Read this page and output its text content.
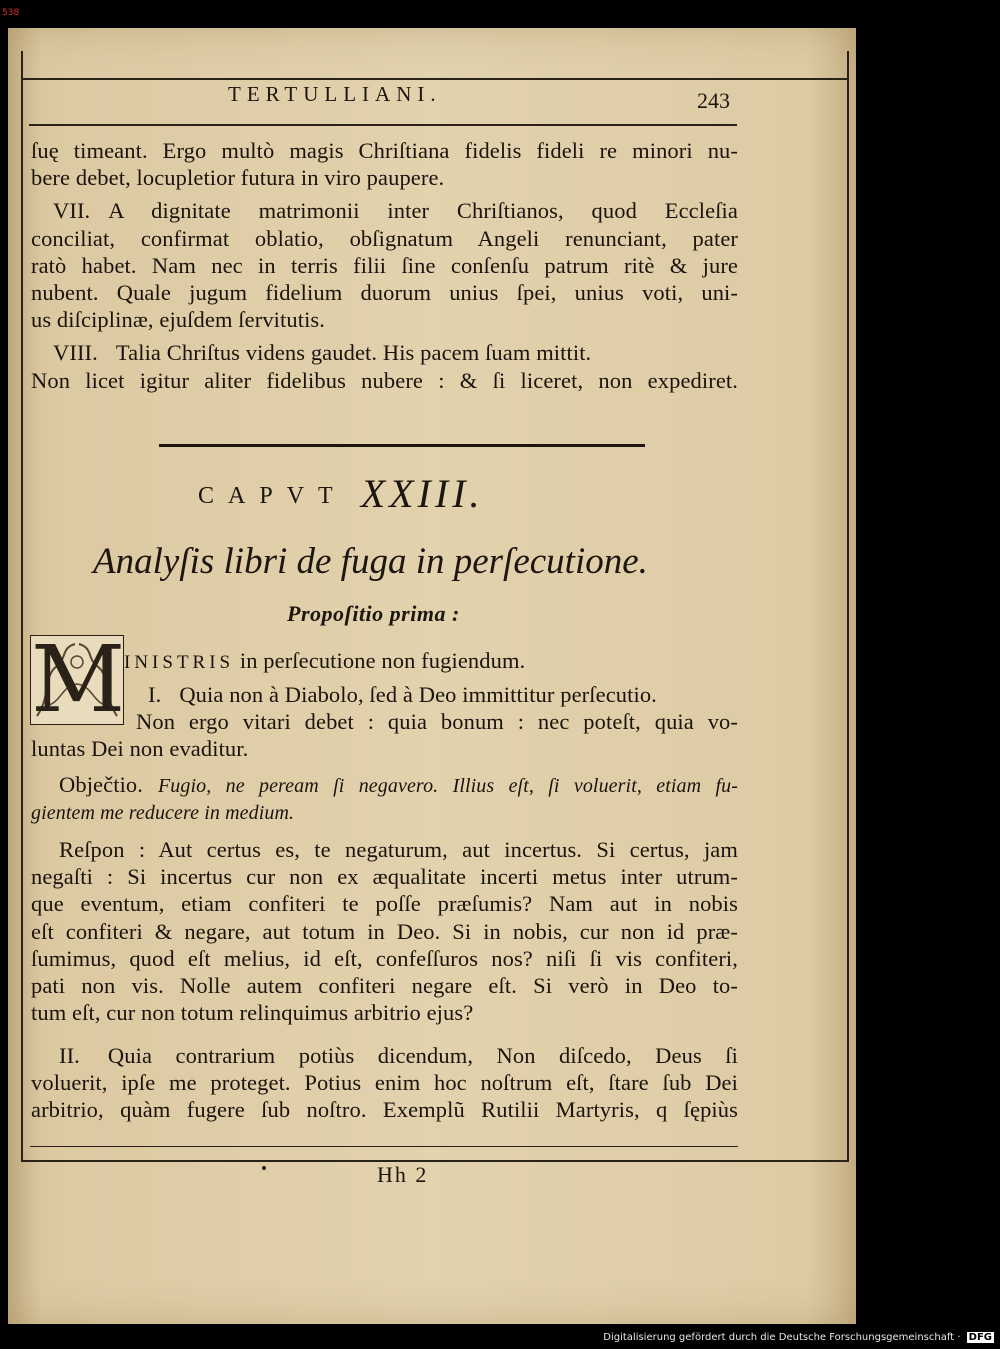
538
TERTULLIANI.	243
ſuę timeant. Ergo multò magis Chriſtiana fidelis fideli re minori nu-
bere debet, locupletior futura in viro paupere.
VII. A dignitate matrimonii inter Chriſtianos, quod Eccleſia
conciliat, confirmat oblatio, obſignatum Angeli renunciant, pater
ratò habet. Nam nec in terris filii ſine conſenſu patrum ritè & jure
nubent. Quale jugum fidelium duorum unius ſpei, unius voti, uni-
us diſciplinæ, ejuſdem ſervitutis.
VIII. Talia Chriſtus videns gaudet. His pacem ſuam mittit.
Non licet igitur aliter fidelibus nubere : & ſi liceret, non expediret.
CAPVT XXIII.
Analyſis libri de fuga in perſecutione.
Propoſitio prima :
M
INISTRIS in perſecutione non fugiendum.
I. Quia non à Diabolo, ſed à Deo immittitur perſecutio.
Non ergo vitari debet : quia bonum : nec poteſt, quia vo-
luntas Dei non evaditur.
Obječtio. Fugio, ne peream ſi negavero. Illius eſt, ſi voluerit, etiam fu-
gientem me reducere in medium.
Reſpon : Aut certus es, te negaturum, aut incertus. Si certus, jam
negaſti : Si incertus cur non ex æqualitate incerti metus inter utrum-
que eventum, etiam confiteri te poſſe præſumis? Nam aut in nobis
eſt confiteri & negare, aut totum in Deo. Si in nobis, cur non id præ-
ſumimus, quod eſt melius, id eſt, confeſſuros nos? niſi ſi vis confiteri,
pati non vis. Nolle autem confiteri negare eſt. Si verò in Deo to-
tum eſt, cur non totum relinquimus arbitrio ejus?
II. Quia contrarium potiùs dicendum, Non diſcedo, Deus ſi
voluerit, ipſe me proteget. Potius enim hoc noſtrum eſt, ſtare ſub Dei
arbitrio, quàm fugere ſub noſtro. Exemplũ Rutilii Martyris, q ſępiùs
Hh 2
Digitalisierung gefördert durch die Deutsche Forschungsgemeinschaft · DFG
